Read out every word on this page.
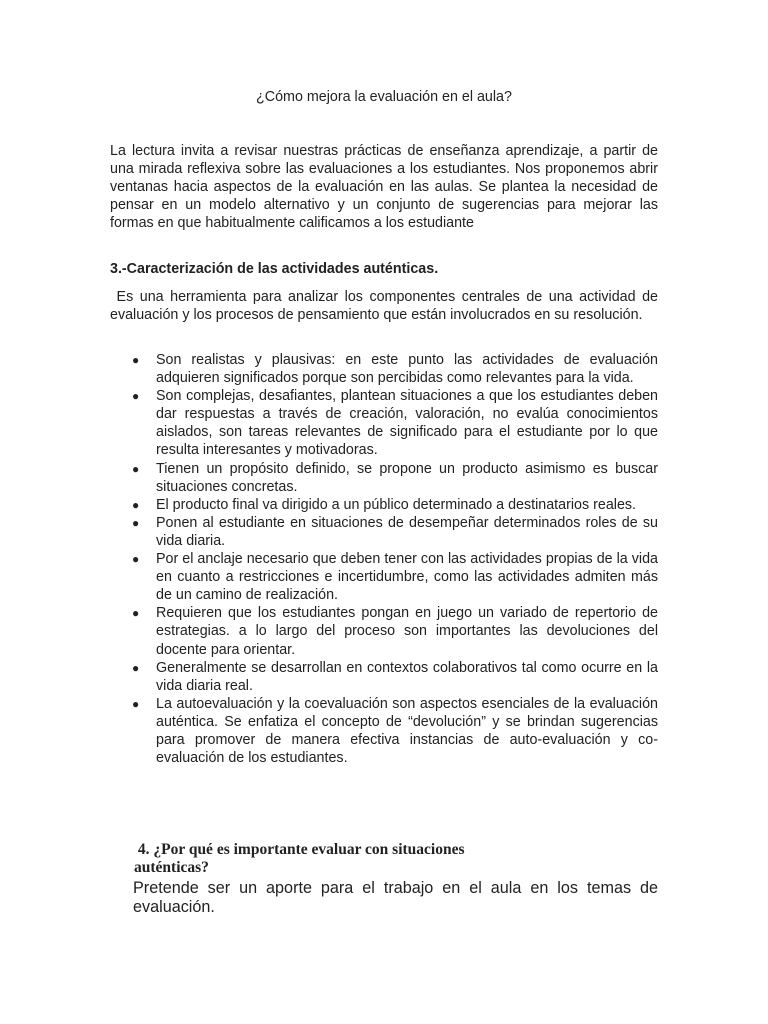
¿Cómo mejora la evaluación en el aula?

La lectura invita a revisar nuestras prácticas de enseñanza aprendizaje, a partir de una mirada reflexiva sobre las evaluaciones a los estudiantes. Nos proponemos abrir ventanas hacia aspectos de la evaluación en las aulas. Se plantea la necesidad de pensar en un modelo alternativo y un conjunto de sugerencias para mejorar las formas en que habitualmente calificamos a los estudiante

3.-Caracterización de las actividades auténticas.

Es una herramienta para analizar los componentes centrales de una actividad de evaluación y los procesos de pensamiento que están involucrados en su resolución.

● Son realistas y plausivas: en este punto las actividades de evaluación adquieren significados porque son percibidas como relevantes para la vida.
● Son complejas, desafiantes, plantean situaciones a que los estudiantes deben dar respuestas a través de creación, valoración, no evalúa conocimientos aislados, son tareas relevantes de significado para el estudiante por lo que resulta interesantes y motivadoras.
● Tienen un propósito definido, se propone un producto asimismo es buscar situaciones concretas.
● El producto final va dirigido a un público determinado a destinatarios reales.
● Ponen al estudiante en situaciones de desempeñar determinados roles de su vida diaria.
● Por el anclaje necesario que deben tener con las actividades propias de la vida en cuanto a restricciones e incertidumbre, como las actividades admiten más de un camino de realización.
● Requieren que los estudiantes pongan en juego un variado de repertorio de estrategias. a lo largo del proceso son importantes las devoluciones del docente para orientar.
● Generalmente se desarrollan en contextos colaborativos tal como ocurre en la vida diaria real.
● La autoevaluación y la coevaluación son aspectos esenciales de la evaluación auténtica. Se enfatiza el concepto de “devolución” y se brindan sugerencias para promover de manera efectiva instancias de auto-evaluación y co-evaluación de los estudiantes.
4. ¿Por qué es importante evaluar con situaciones
auténticas?

Pretende ser un aporte para el trabajo en el aula en los temas de evaluación.
